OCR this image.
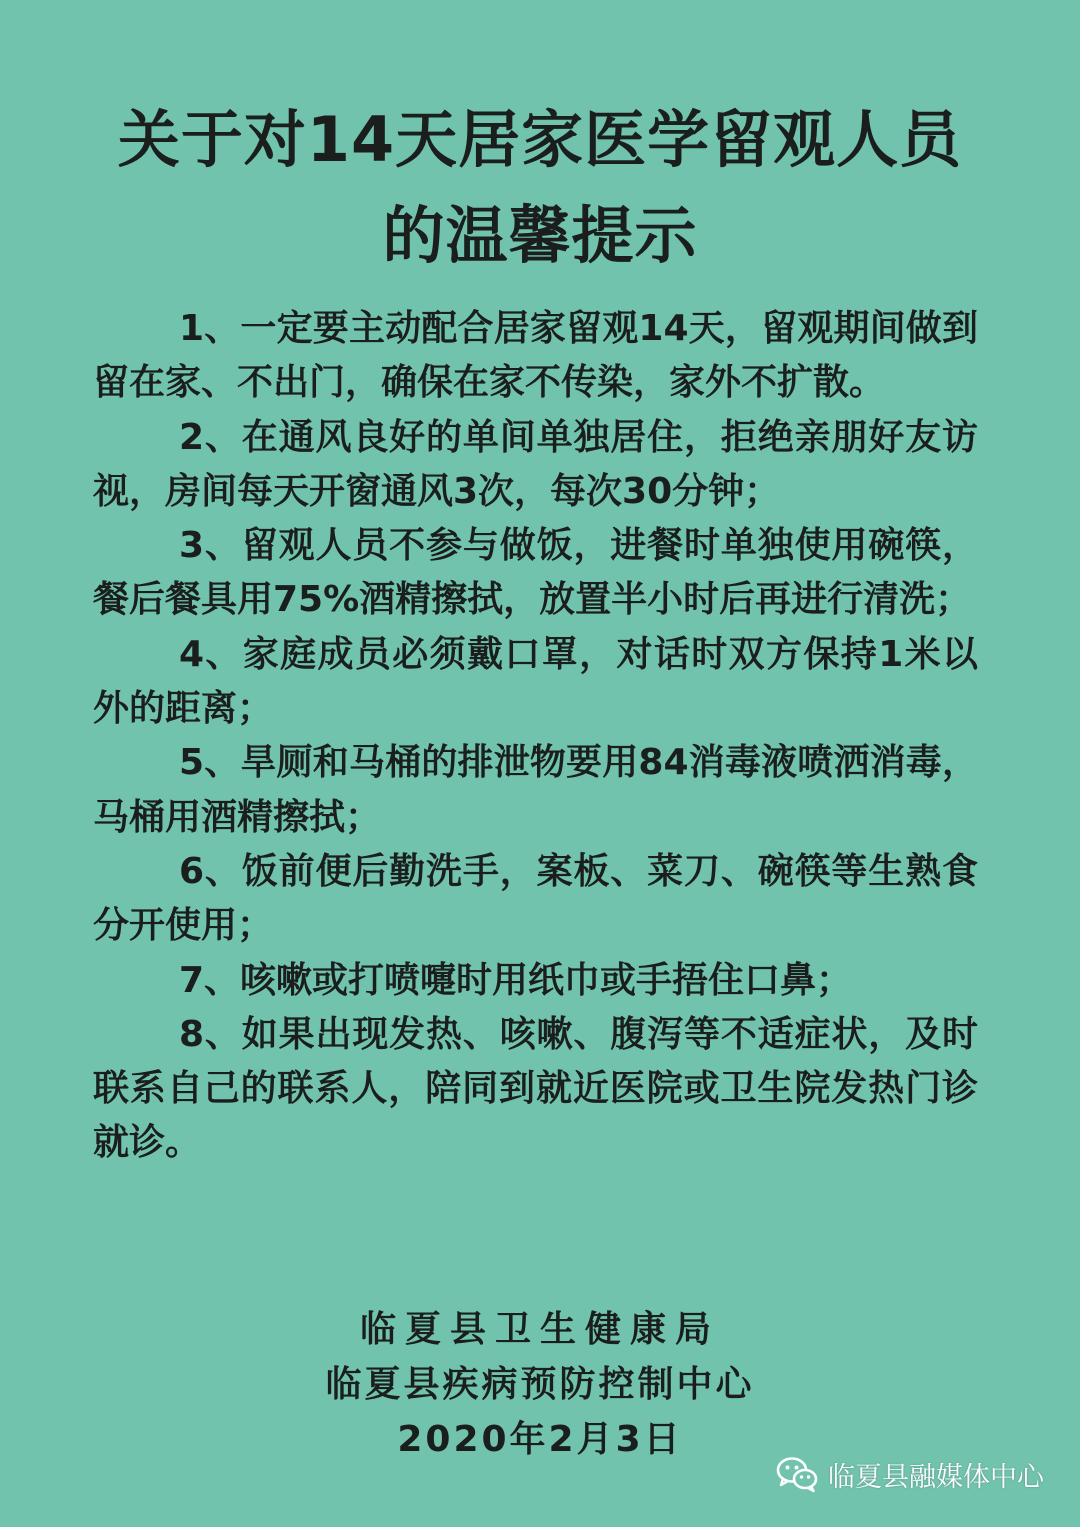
关于对14天居家医学留观人员
的温馨提示

1、一定要主动配合居家留观14天，留观期间做到留在家、不出门，确保在家不传染，家外不扩散。

2、在通风良好的单间单独居住，拒绝亲朋好友访视，房间每天开窗通风3次，每次30分钟；

3、留观人员不参与做饭，进餐时单独使用碗筷，餐后餐具用75%酒精擦拭，放置半小时后再进行清洗；

4、家庭成员必须戴口罩，对话时双方保持1米以外的距离；

5、旱厕和马桶的排泄物要用84消毒液喷洒消毒，马桶用酒精擦拭；

6、饭前便后勤洗手，案板、菜刀、碗筷等生熟食分开使用；

7、咳嗽或打喷嚏时用纸巾或手捂住口鼻；

8、如果出现发热、咳嗽、腹泻等不适症状，及时联系自己的联系人，陪同到就近医院或卫生院发热门诊就诊。

临夏县卫生健康局
临夏县疾病预防控制中心
2020年2月3日
临夏县融媒体中心
